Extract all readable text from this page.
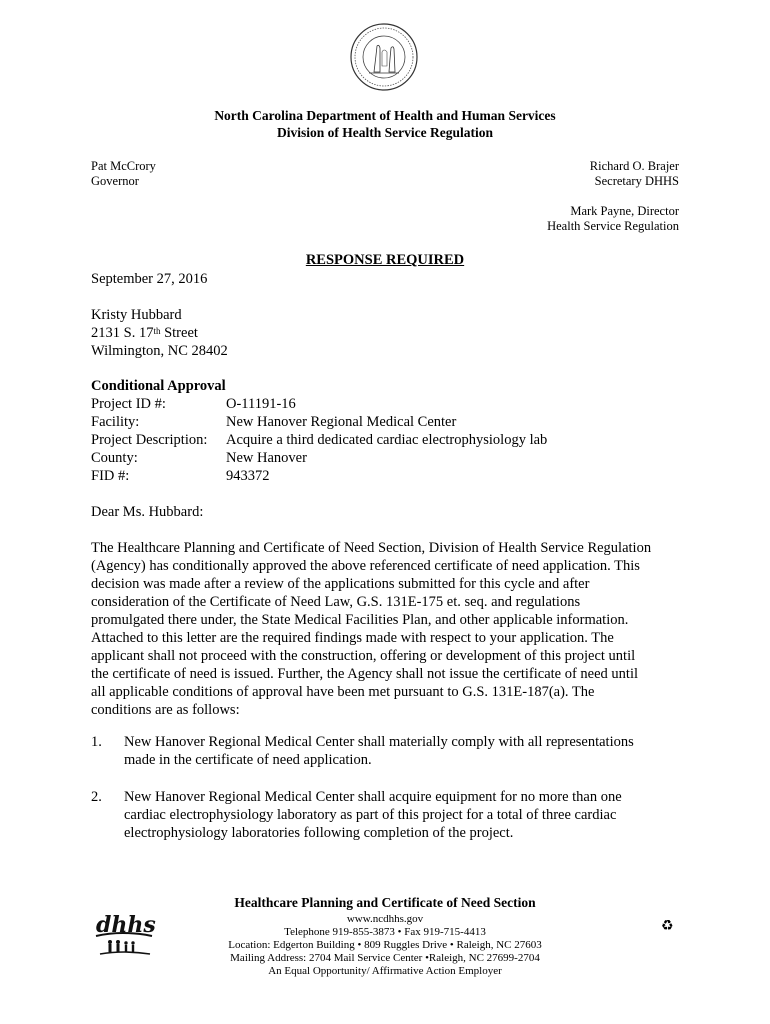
North Carolina Department of Health and Human Services
Division of Health Service Regulation
Pat McCrory
Governor
Richard O. Brajer
Secretary DHHS
Mark Payne, Director
Health Service Regulation
RESPONSE REQUIRED
September 27, 2016
Kristy Hubbard
2131 S. 17th Street
Wilmington, NC 28402
Conditional Approval
Project ID #:	O-11191-16
Facility:	New Hanover Regional Medical Center
Project Description:	Acquire a third dedicated cardiac electrophysiology lab
County:	New Hanover
FID #:	943372
Dear Ms. Hubbard:
The Healthcare Planning and Certificate of Need Section, Division of Health Service Regulation
(Agency) has conditionally approved the above referenced certificate of need application. This
decision was made after a review of the applications submitted for this cycle and after
consideration of the Certificate of Need Law, G.S. 131E-175 et. seq. and regulations
promulgated there under, the State Medical Facilities Plan, and other applicable information.
Attached to this letter are the required findings made with respect to your application. The
applicant shall not proceed with the construction, offering or development of this project until
the certificate of need is issued. Further, the Agency shall not issue the certificate of need until
all applicable conditions of approval have been met pursuant to G.S. 131E-187(a). The
conditions are as follows:
1.	New Hanover Regional Medical Center shall materially comply with all representations
made in the certificate of need application.
2.	New Hanover Regional Medical Center shall acquire equipment for no more than one
cardiac electrophysiology laboratory as part of this project for a total of three cardiac
electrophysiology laboratories following completion of the project.
Healthcare Planning and Certificate of Need Section
www.ncdhhs.gov
Telephone 919-855-3873 • Fax 919-715-4413
Location: Edgerton Building • 809 Ruggles Drive • Raleigh, NC 27603
Mailing Address: 2704 Mail Service Center •Raleigh, NC 27699-2704
An Equal Opportunity/ Affirmative Action Employer
dhhs	♻
